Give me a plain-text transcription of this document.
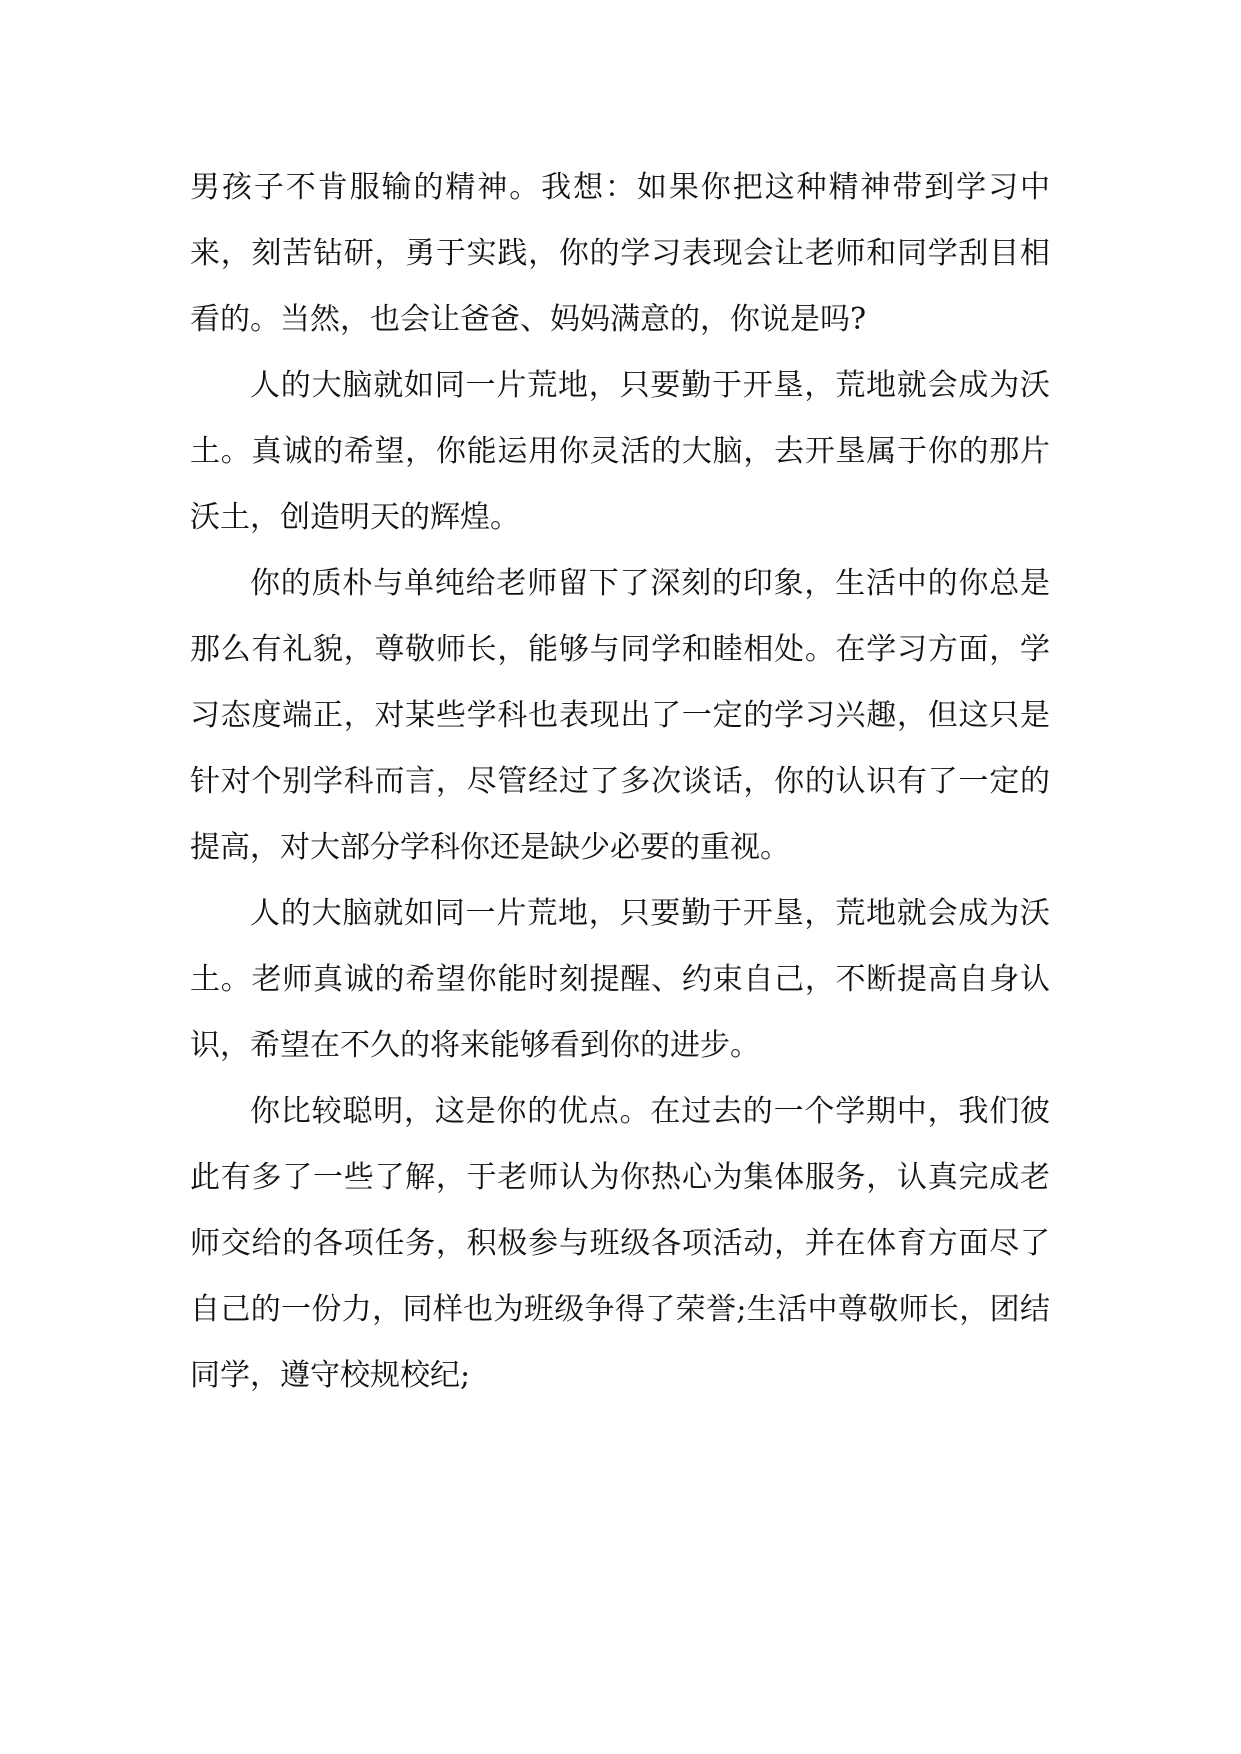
男孩子不肯服输的精神。我想：如果你把这种精神带到学习中来，刻苦钻研，勇于实践，你的学习表现会让老师和同学刮目相看的。当然，也会让爸爸、妈妈满意的，你说是吗?

人的大脑就如同一片荒地，只要勤于开垦，荒地就会成为沃土。真诚的希望，你能运用你灵活的大脑，去开垦属于你的那片沃土，创造明天的辉煌。

你的质朴与单纯给老师留下了深刻的印象，生活中的你总是那么有礼貌，尊敬师长，能够与同学和睦相处。在学习方面，学习态度端正，对某些学科也表现出了一定的学习兴趣，但这只是针对个别学科而言，尽管经过了多次谈话，你的认识有了一定的提高，对大部分学科你还是缺少必要的重视。

人的大脑就如同一片荒地，只要勤于开垦，荒地就会成为沃土。老师真诚的希望你能时刻提醒、约束自己，不断提高自身认识，希望在不久的将来能够看到你的进步。

你比较聪明，这是你的优点。在过去的一个学期中，我们彼此有多了一些了解，于老师认为你热心为集体服务，认真完成老师交给的各项任务，积极参与班级各项活动，并在体育方面尽了自己的一份力，同样也为班级争得了荣誉;生活中尊敬师长，团结同学，遵守校规校纪;
